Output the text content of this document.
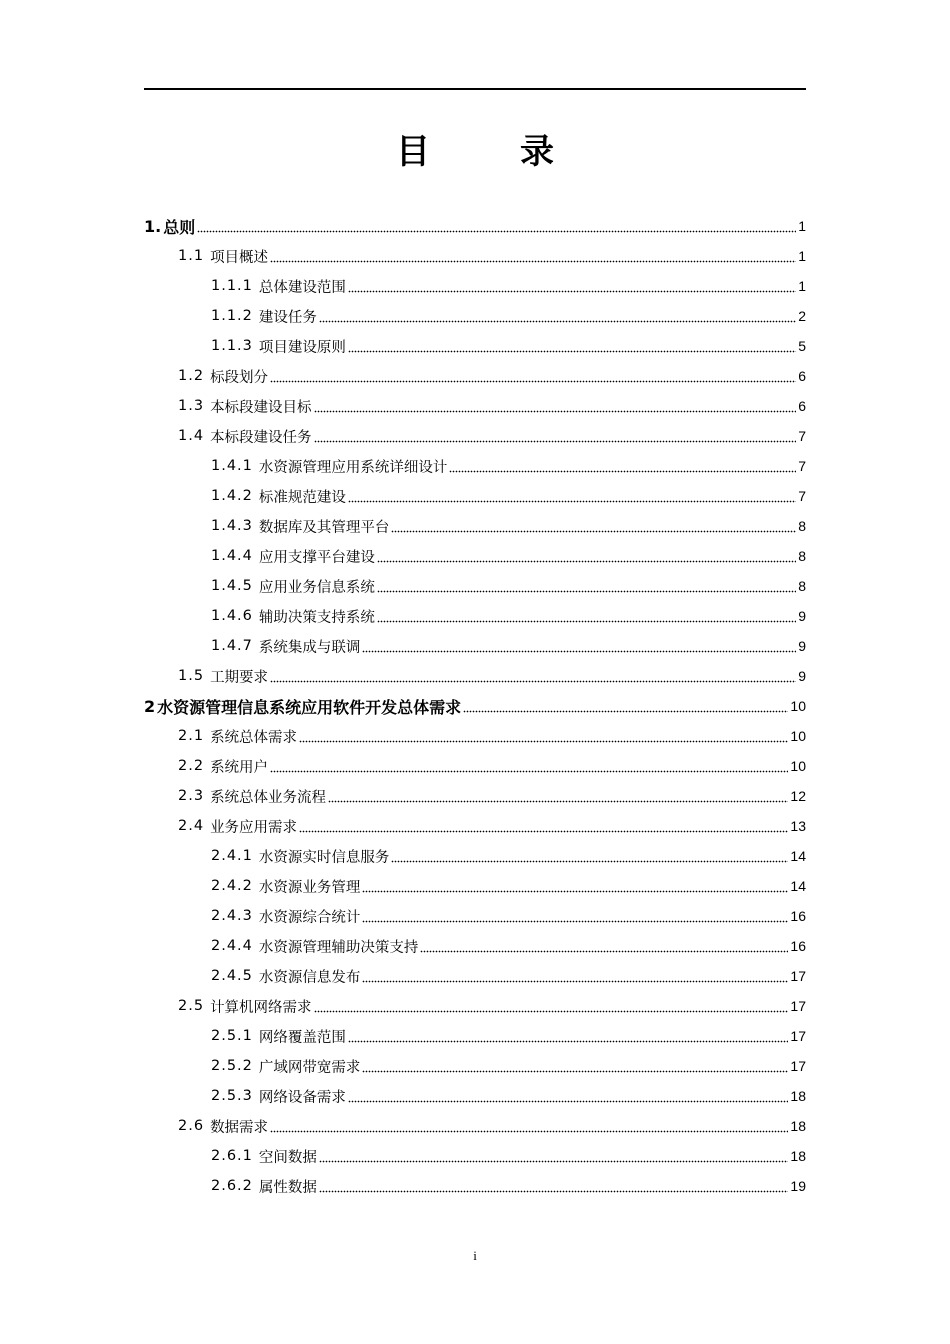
目　录
1. 总则	1
1.1 项目概述	1
1.1.1 总体建设范围	1
1.1.2 建设任务	2
1.1.3 项目建设原则	5
1.2 标段划分	6
1.3 本标段建设目标	6
1.4 本标段建设任务	7
1.4.1 水资源管理应用系统详细设计	7
1.4.2 标准规范建设	7
1.4.3 数据库及其管理平台	8
1.4.4 应用支撑平台建设	8
1.4.5 应用业务信息系统	8
1.4.6 辅助决策支持系统	9
1.4.7 系统集成与联调	9
1.5 工期要求	9
2 水资源管理信息系统应用软件开发总体需求	10
2.1 系统总体需求	10
2.2 系统用户	10
2.3 系统总体业务流程	12
2.4 业务应用需求	13
2.4.1 水资源实时信息服务	14
2.4.2 水资源业务管理	14
2.4.3 水资源综合统计	16
2.4.4 水资源管理辅助决策支持	16
2.4.5 水资源信息发布	17
2.5 计算机网络需求	17
2.5.1 网络覆盖范围	17
2.5.2 广域网带宽需求	17
2.5.3 网络设备需求	18
2.6 数据需求	18
2.6.1 空间数据	18
2.6.2 属性数据	19
i
